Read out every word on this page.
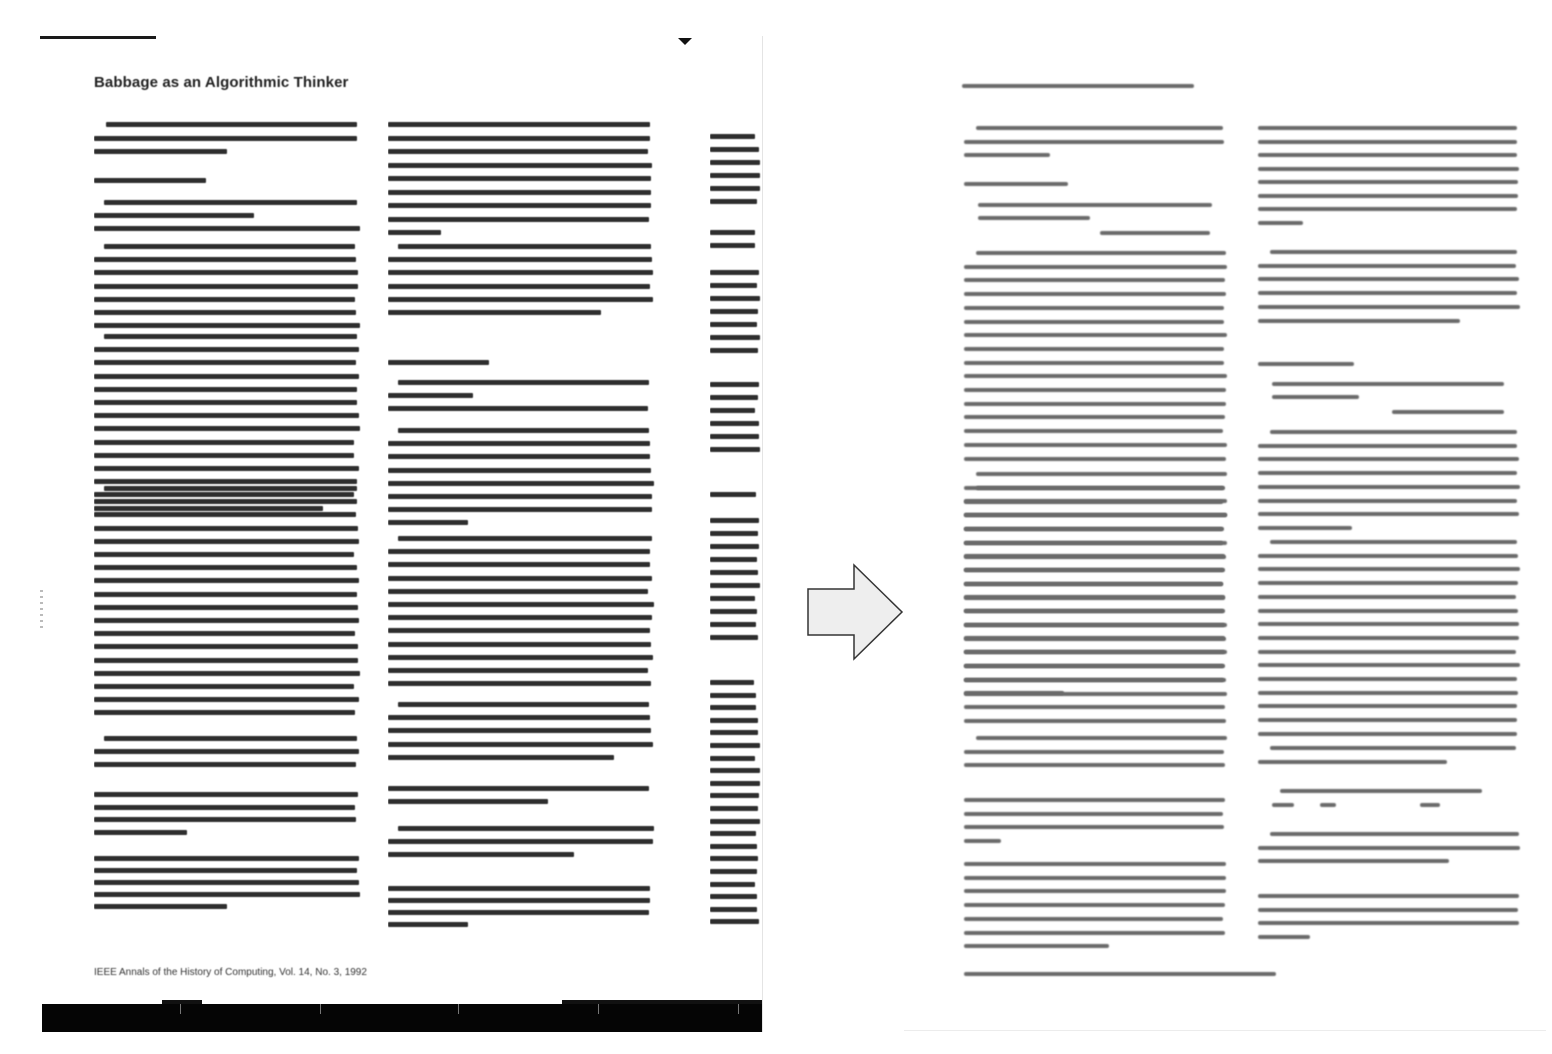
Babbage as an Algorithmic Thinker

IEEE Annals of the History of Computing, Vol. 14, No. 3, 1992
